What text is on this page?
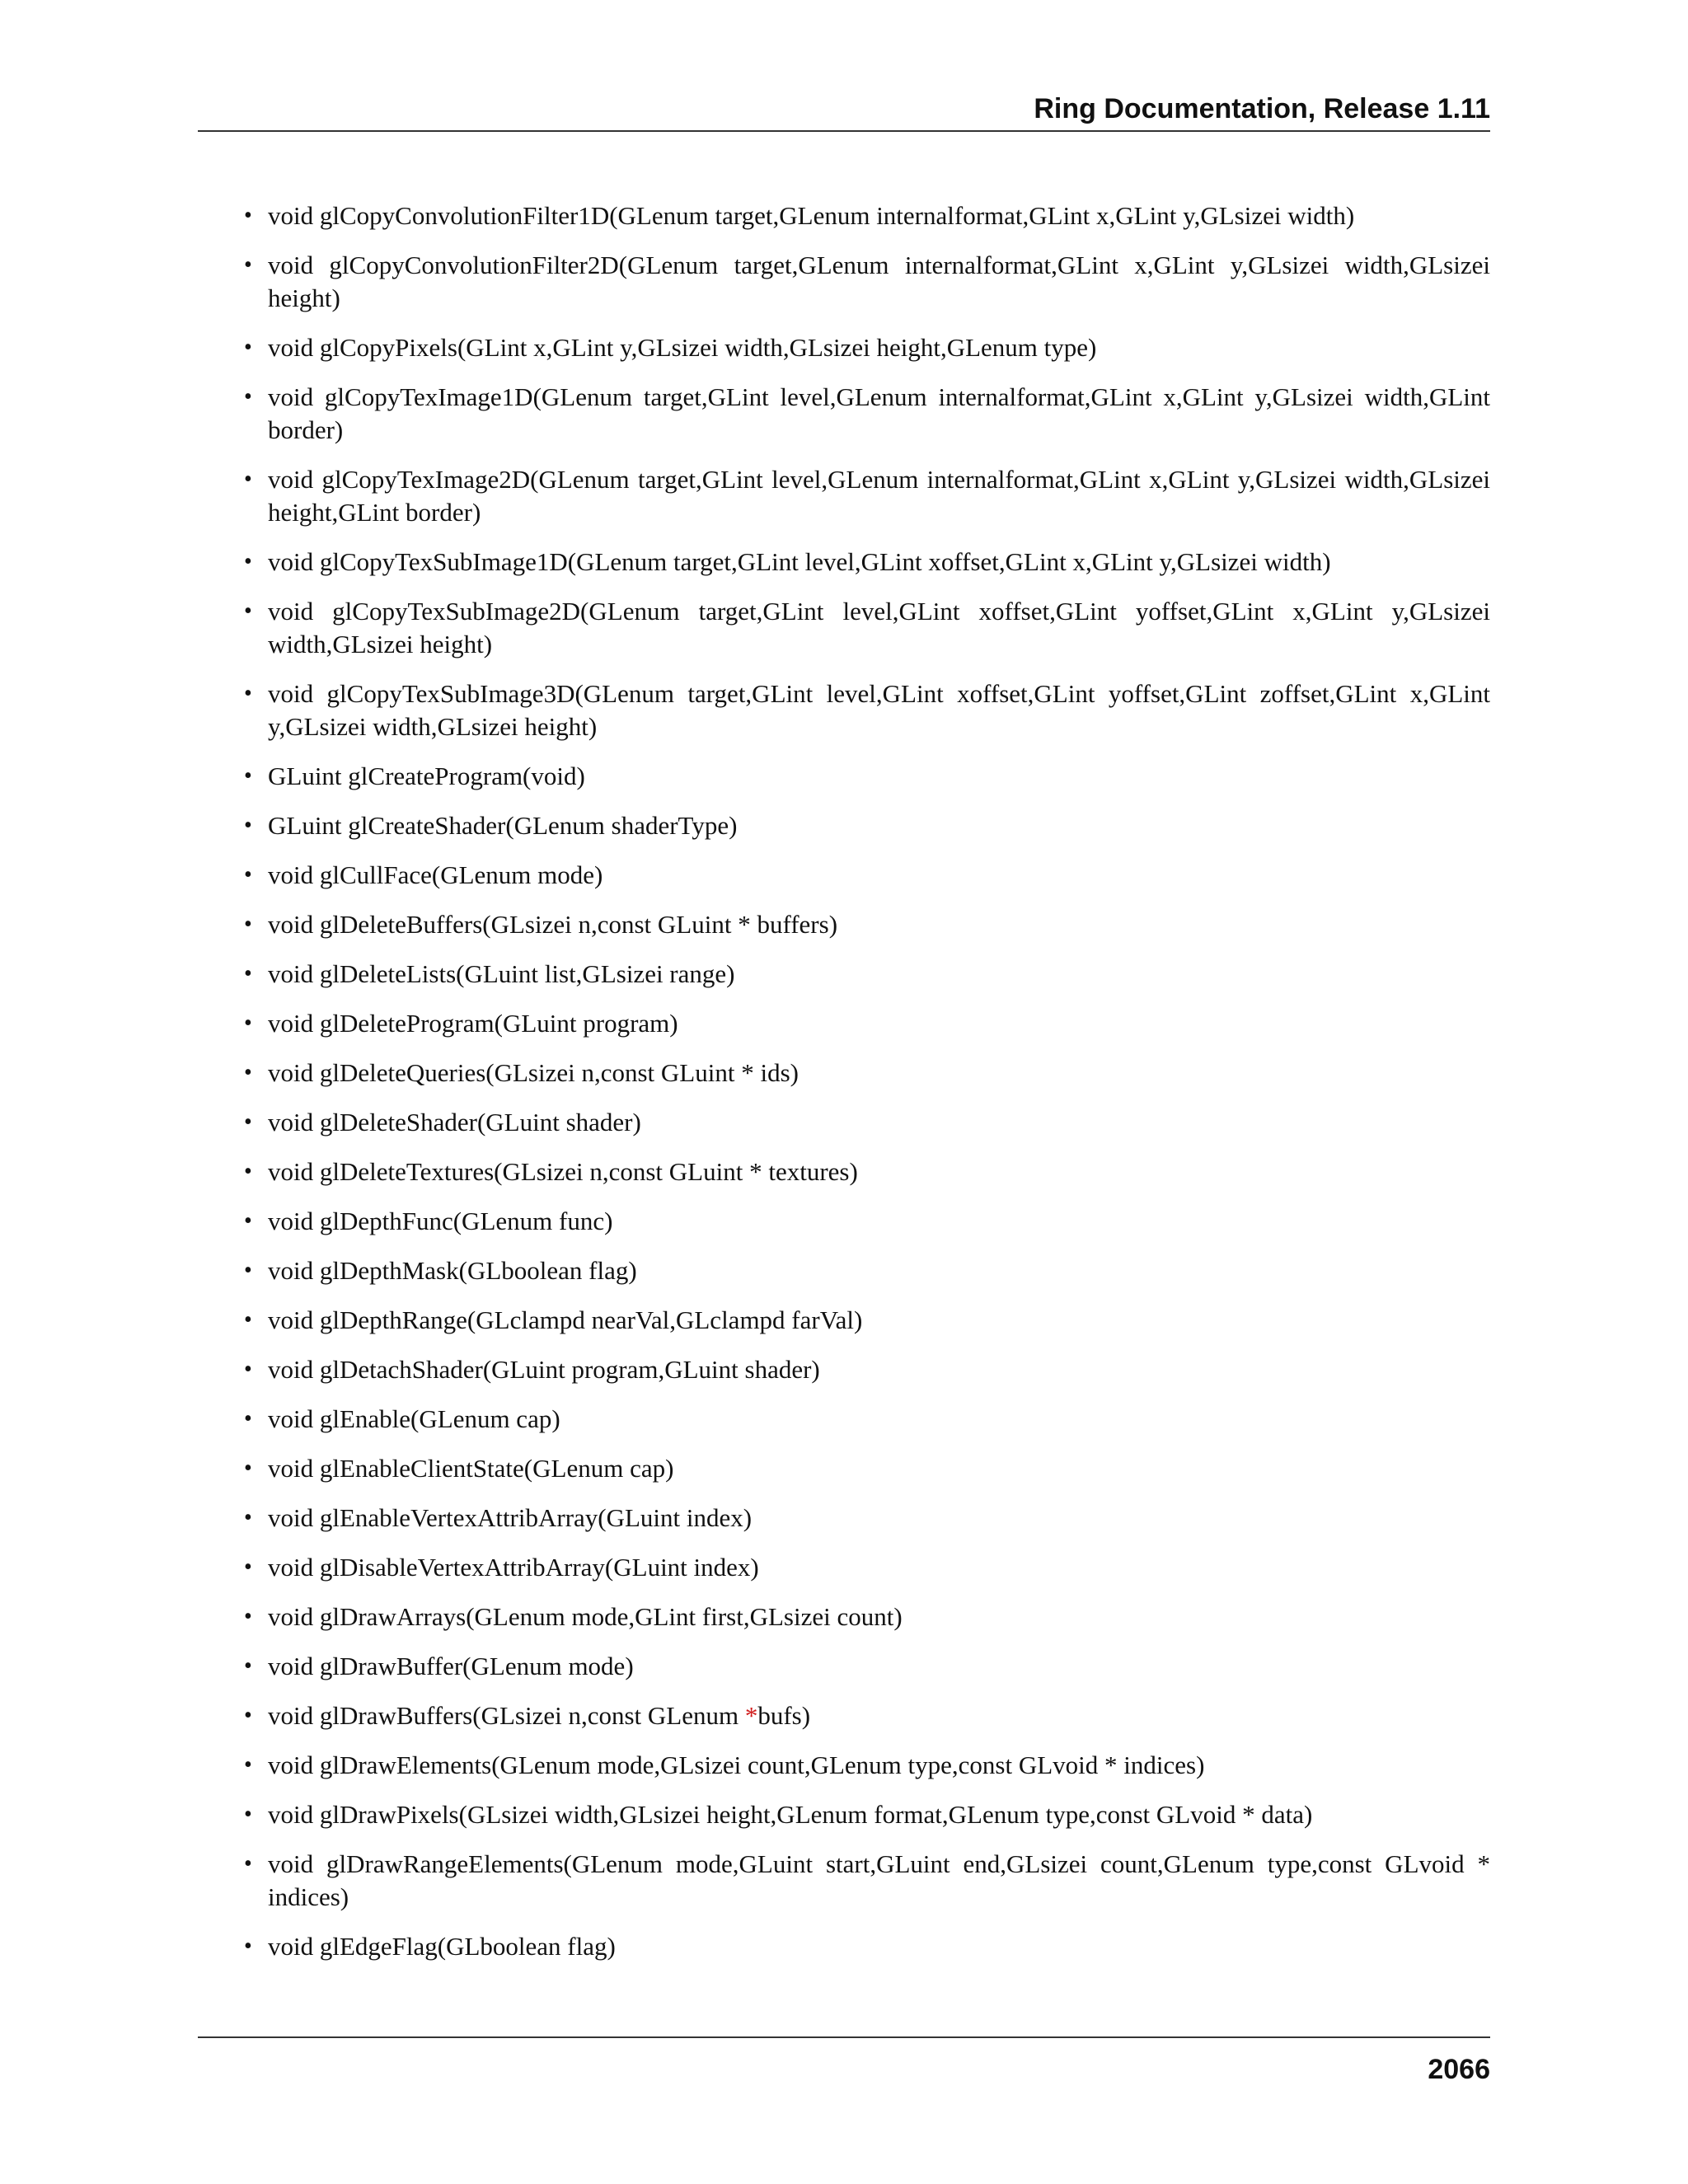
Ring Documentation, Release 1.11
• void glCopyConvolutionFilter1D(GLenum target,GLenum internalformat,GLint x,GLint y,GLsizei width)
• void glCopyConvolutionFilter2D(GLenum target,GLenum internalformat,GLint x,GLint y,GLsizei width,GLsizei height)
• void glCopyPixels(GLint x,GLint y,GLsizei width,GLsizei height,GLenum type)
• void glCopyTexImage1D(GLenum target,GLint level,GLenum internalformat,GLint x,GLint y,GLsizei width,GLint border)
• void glCopyTexImage2D(GLenum target,GLint level,GLenum internalformat,GLint x,GLint y,GLsizei width,GLsizei height,GLint border)
• void glCopyTexSubImage1D(GLenum target,GLint level,GLint xoffset,GLint x,GLint y,GLsizei width)
• void glCopyTexSubImage2D(GLenum target,GLint level,GLint xoffset,GLint yoffset,GLint x,GLint y,GLsizei width,GLsizei height)
• void glCopyTexSubImage3D(GLenum target,GLint level,GLint xoffset,GLint yoffset,GLint zoffset,GLint x,GLint y,GLsizei width,GLsizei height)
• GLuint glCreateProgram(void)
• GLuint glCreateShader(GLenum shaderType)
• void glCullFace(GLenum mode)
• void glDeleteBuffers(GLsizei n,const GLuint * buffers)
• void glDeleteLists(GLuint list,GLsizei range)
• void glDeleteProgram(GLuint program)
• void glDeleteQueries(GLsizei n,const GLuint * ids)
• void glDeleteShader(GLuint shader)
• void glDeleteTextures(GLsizei n,const GLuint * textures)
• void glDepthFunc(GLenum func)
• void glDepthMask(GLboolean flag)
• void glDepthRange(GLclampd nearVal,GLclampd farVal)
• void glDetachShader(GLuint program,GLuint shader)
• void glEnable(GLenum cap)
• void glEnableClientState(GLenum cap)
• void glEnableVertexAttribArray(GLuint index)
• void glDisableVertexAttribArray(GLuint index)
• void glDrawArrays(GLenum mode,GLint first,GLsizei count)
• void glDrawBuffer(GLenum mode)
• void glDrawBuffers(GLsizei n,const GLenum *bufs)
• void glDrawElements(GLenum mode,GLsizei count,GLenum type,const GLvoid * indices)
• void glDrawPixels(GLsizei width,GLsizei height,GLenum format,GLenum type,const GLvoid * data)
• void glDrawRangeElements(GLenum mode,GLuint start,GLuint end,GLsizei count,GLenum type,const GLvoid * indices)
• void glEdgeFlag(GLboolean flag)
2066
